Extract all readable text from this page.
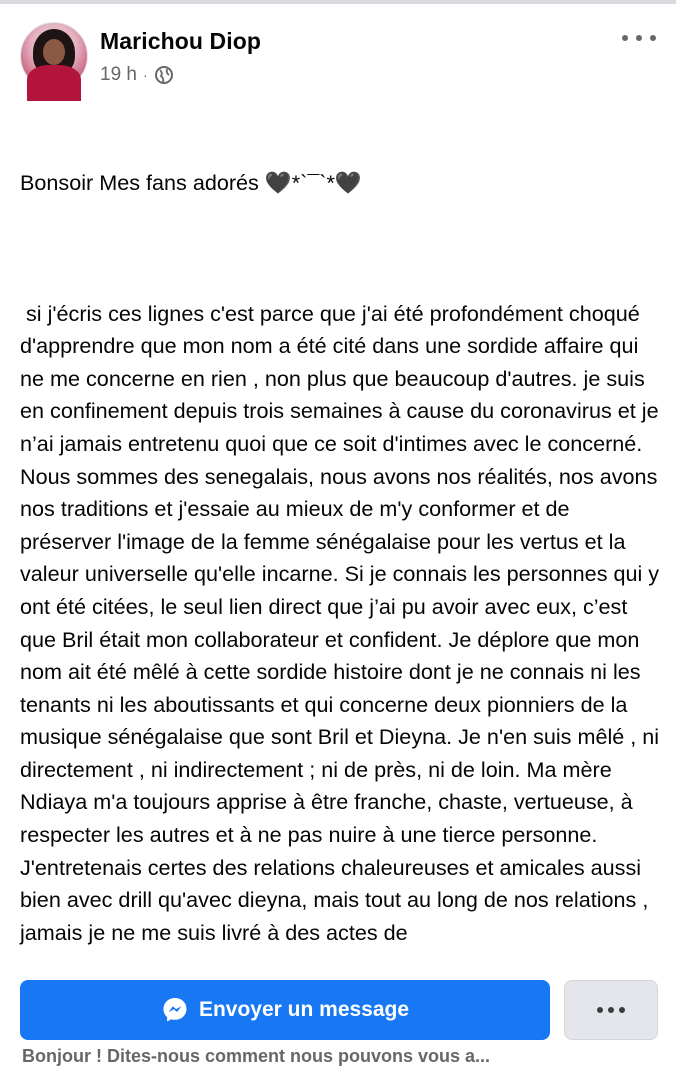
Marichou Diop
19 h ·

Bonsoir Mes fans adorés 🖤*`¯`*🖤

si j'écris ces lignes c'est parce que j'ai été profondément choqué d'apprendre que mon nom a été cité dans une sordide affaire qui ne me concerne en rien , non plus que beaucoup d'autres. je suis en confinement depuis trois semaines à cause du coronavirus et je n’ai jamais entretenu quoi que ce soit d'intimes avec le concerné. Nous sommes des senegalais, nous avons nos réalités, nos avons nos traditions et j'essaie au mieux de m'y conformer et de préserver l'image de la femme sénégalaise pour les vertus et la valeur universelle qu'elle incarne. Si je connais les personnes qui y ont été citées, le seul lien direct que j’ai pu avoir avec eux, c’est que Bril était mon collaborateur et confident. Je déplore que mon nom ait été mêlé à cette sordide histoire dont je ne connais ni les tenants ni les aboutissants et qui concerne deux pionniers de la musique sénégalaise que sont Bril et Dieyna. Je n'en suis mêlé , ni directement , ni indirectement ; ni de près, ni de loin. Ma mère Ndiaya m'a toujours apprise à être franche, chaste, vertueuse, à respecter les autres et à ne pas nuire à une tierce personne. J'entretenais certes des relations chaleureuses et amicales aussi bien avec drill qu'avec dieyna, mais tout au long de nos relations , jamais je ne me suis livré à des actes de

Envoyer un message
Bonjour ! Dites-nous comment nous pouvons vous a...
